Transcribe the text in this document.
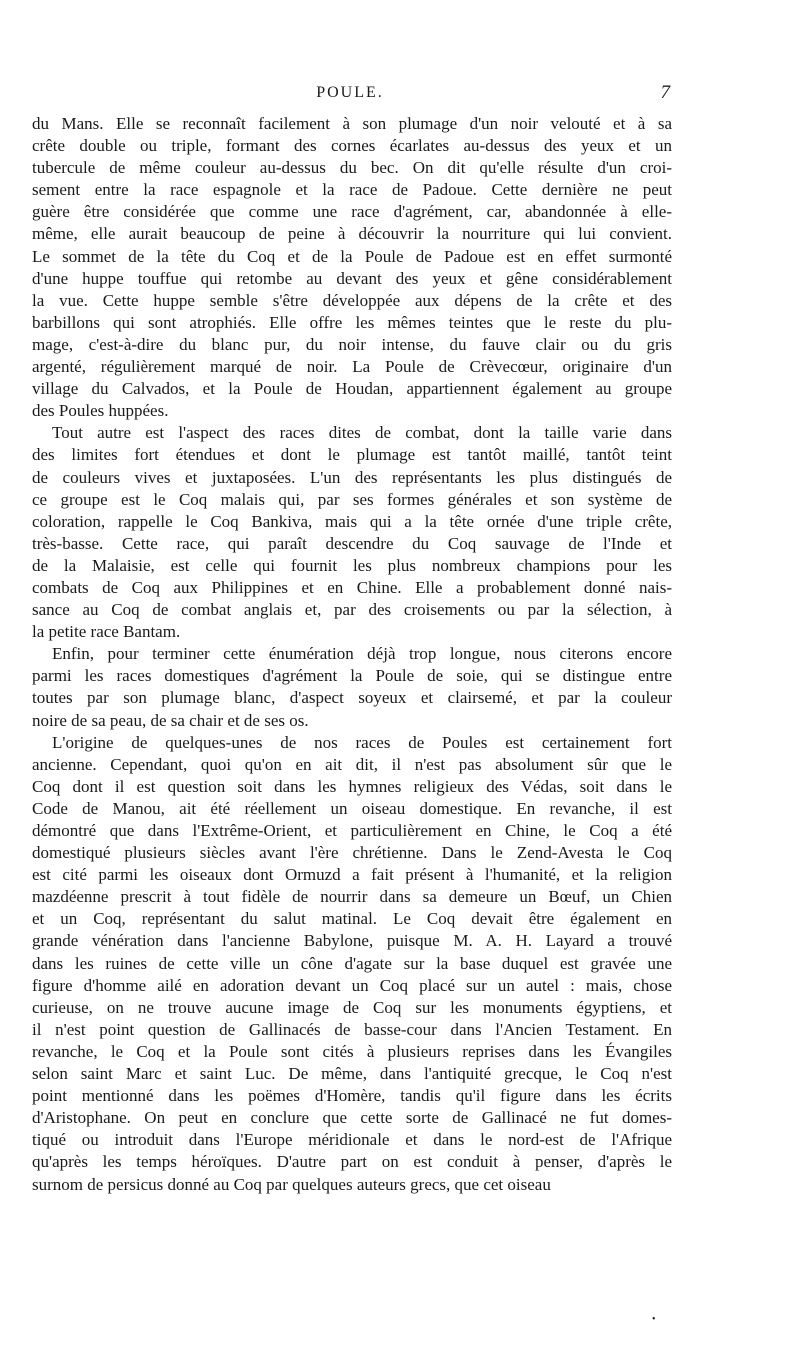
POULE.	7
du Mans. Elle se reconnaît facilement à son plumage d'un noir velouté et à sa
crête double ou triple, formant des cornes écarlates au-dessus des yeux et un
tubercule de même couleur au-dessus du bec. On dit qu'elle résulte d'un croi-
sement entre la race espagnole et la race de Padoue. Cette dernière ne peut
guère être considérée que comme une race d'agrément, car, abandonnée à elle-
même, elle aurait beaucoup de peine à découvrir la nourriture qui lui convient.
Le sommet de la tête du Coq et de la Poule de Padoue est en effet surmonté
d'une huppe touffue qui retombe au devant des yeux et gêne considérablement
la vue. Cette huppe semble s'être développée aux dépens de la crête et des
barbillons qui sont atrophiés. Elle offre les mêmes teintes que le reste du plu-
mage, c'est-à-dire du blanc pur, du noir intense, du fauve clair ou du gris
argenté, régulièrement marqué de noir. La Poule de Crèvecœur, originaire d'un
village du Calvados, et la Poule de Houdan, appartiennent également au groupe
des Poules huppées.
Tout autre est l'aspect des races dites de combat, dont la taille varie dans
des limites fort étendues et dont le plumage est tantôt maillé, tantôt teint
de couleurs vives et juxtaposées. L'un des représentants les plus distingués de
ce groupe est le Coq malais qui, par ses formes générales et son système de
coloration, rappelle le Coq Bankiva, mais qui a la tête ornée d'une triple crête,
très-basse. Cette race, qui paraît descendre du Coq sauvage de l'Inde et
de la Malaisie, est celle qui fournit les plus nombreux champions pour les
combats de Coq aux Philippines et en Chine. Elle a probablement donné nais-
sance au Coq de combat anglais et, par des croisements ou par la sélection, à
la petite race Bantam.
Enfin, pour terminer cette énumération déjà trop longue, nous citerons encore
parmi les races domestiques d'agrément la Poule de soie, qui se distingue entre
toutes par son plumage blanc, d'aspect soyeux et clairsemé, et par la couleur
noire de sa peau, de sa chair et de ses os.
L'origine de quelques-unes de nos races de Poules est certainement fort
ancienne. Cependant, quoi qu'on en ait dit, il n'est pas absolument sûr que le
Coq dont il est question soit dans les hymnes religieux des Védas, soit dans le
Code de Manou, ait été réellement un oiseau domestique. En revanche, il est
démontré que dans l'Extrême-Orient, et particulièrement en Chine, le Coq a été
domestiqué plusieurs siècles avant l'ère chrétienne. Dans le Zend-Avesta le Coq
est cité parmi les oiseaux dont Ormuzd a fait présent à l'humanité, et la religion
mazdéenne prescrit à tout fidèle de nourrir dans sa demeure un Bœuf, un Chien
et un Coq, représentant du salut matinal. Le Coq devait être également en
grande vénération dans l'ancienne Babylone, puisque M. A. H. Layard a trouvé
dans les ruines de cette ville un cône d'agate sur la base duquel est gravée une
figure d'homme ailé en adoration devant un Coq placé sur un autel : mais, chose
curieuse, on ne trouve aucune image de Coq sur les monuments égyptiens, et
il n'est point question de Gallinacés de basse-cour dans l'Ancien Testament. En
revanche, le Coq et la Poule sont cités à plusieurs reprises dans les Évangiles
selon saint Marc et saint Luc. De même, dans l'antiquité grecque, le Coq n'est
point mentionné dans les poëmes d'Homère, tandis qu'il figure dans les écrits
d'Aristophane. On peut en conclure que cette sorte de Gallinacé ne fut domes-
tiqué ou introduit dans l'Europe méridionale et dans le nord-est de l'Afrique
qu'après les temps héroïques. D'autre part on est conduit à penser, d'après le
surnom de persicus donné au Coq par quelques auteurs grecs, que cet oiseau
•
